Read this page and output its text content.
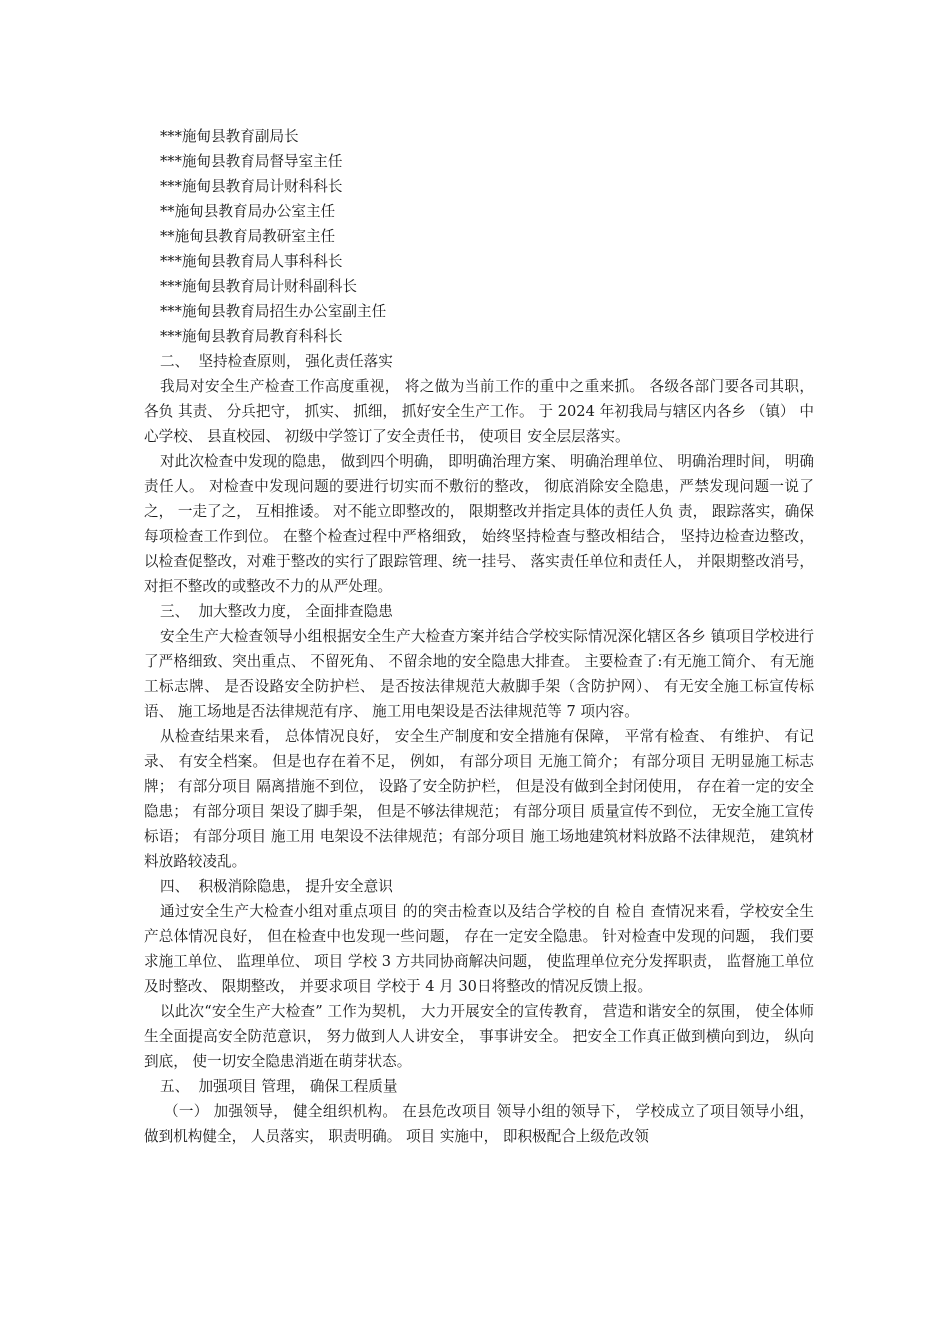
***施甸县教育副局长
***施甸县教育局督导室主任
***施甸县教育局计财科科长
**施甸县教育局办公室主任
**施甸县教育局教研室主任
***施甸县教育局人事科科长
***施甸县教育局计财科副科长
***施甸县教育局招生办公室副主任
***施甸县教育局教育科科长
二、  坚持检查原则， 强化责任落实
我局对安全生产检查工作高度重视， 将之做为当前工作的重中之重来抓。 各级各部门要各司其职， 各负 其责、 分兵把守， 抓实、 抓细， 抓好安全生产工作。 于 2024 年初我局与辖区内各乡 （镇） 中心学校、 县直校园、 初级中学签订了安全责任书， 使项目 安全层层落实。
对此次检查中发现的隐患， 做到四个明确， 即明确治理方案、 明确治理单位、 明确治理时间， 明确责任人。 对检查中发现问题的要进行切实而不敷衍的整改， 彻底消除安全隐患，严禁发现问题一说了之， 一走了之， 互相推诿。 对不能立即整改的， 限期整改并指定具体的责任人负 责， 跟踪落实，确保每项检查工作到位。 在整个检查过程中严格细致， 始终坚持检查与整改相结合， 坚持边检查边整改， 以检查促整改，对难于整改的实行了跟踪管理、统一挂号、 落实责任单位和责任人， 并限期整改消号， 对拒不整改的或整改不力的从严处理。
三、  加大整改力度， 全面排查隐患
安全生产大检查领导小组根据安全生产大检查方案并结合学校实际情况深化辖区各乡 镇项目学校进行了严格细致、突出重点、 不留死角、 不留余地的安全隐患大排查。 主要检查了:有无施工简介、 有无施工标志牌、 是否设路安全防护栏、 是否按法律规范大赦脚手架（含防护网）、 有无安全施工标宣传标语、 施工场地是否法律规范有序、 施工用电架设是否法律规范等 7 项内容。
从检查结果来看， 总体情况良好， 安全生产制度和安全措施有保障， 平常有检查、 有维护、 有记录、 有安全档案。 但是也存在着不足， 例如， 有部分项目 无施工简介； 有部分项目 无明显施工标志牌； 有部分项目 隔离措施不到位， 设路了安全防护栏， 但是没有做到全封闭使用， 存在着一定的安全隐患； 有部分项目 架设了脚手架， 但是不够法律规范； 有部分项目 质量宣传不到位， 无安全施工宣传标语； 有部分项目 施工用 电架设不法律规范；有部分项目 施工场地建筑材料放路不法律规范， 建筑材料放路较凌乱。
四、  积极消除隐患， 提升安全意识
通过安全生产大检查小组对重点项目 的的突击检查以及结合学校的自 检自 查情况来看，学校安全生产总体情况良好， 但在检查中也发现一些问题， 存在一定安全隐患。 针对检查中发现的问题， 我们要求施工单位、 监理单位、 项目 学校 3 方共同协商解决问题， 使监理单位充分发挥职责， 监督施工单位及时整改、 限期整改， 并要求项目 学校于 4 月 30日将整改的情况反馈上报。
以此次“安全生产大检查” 工作为契机， 大力开展安全的宣传教育， 营造和谐安全的氛围， 使全体师生全面提高安全防范意识， 努力做到人人讲安全， 事事讲安全。 把安全工作真正做到横向到边， 纵向到底， 使一切安全隐患消逝在萌芽状态。
五、  加强项目 管理， 确保工程质量
（一） 加强领导， 健全组织机构。 在县危改项目 领导小组的领导下， 学校成立了项目领导小组， 做到机构健全， 人员落实， 职责明确。 项目 实施中， 即积极配合上级危改领
